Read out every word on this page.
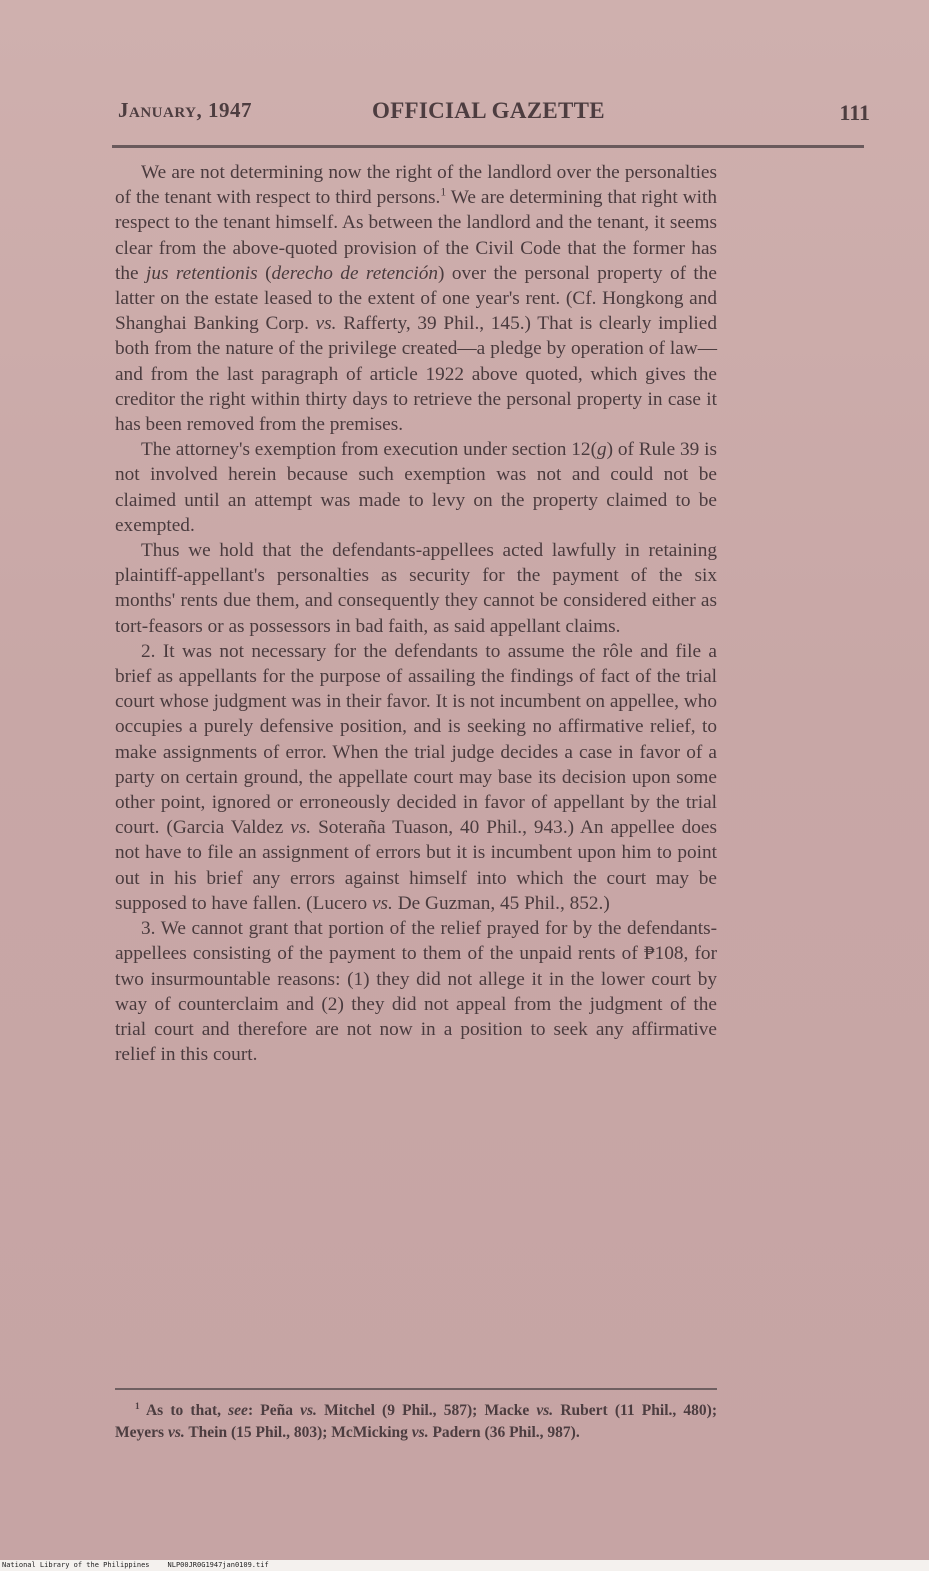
January, 1947	OFFICIAL GAZETTE	111

We are not determining now the right of the landlord over the personalties of the tenant with respect to third persons.$^1$ We are determining that right with respect to the tenant himself. As between the landlord and the tenant, it seems clear from the above-quoted provision of the Civil Code that the former has the jus retentionis (derecho de retención) over the personal property of the latter on the estate leased to the extent of one year's rent. (Cf. Hongkong and Shanghai Banking Corp. vs. Rafferty, 39 Phil., 145.) That is clearly implied both from the nature of the privilege created—a pledge by operation of law—and from the last paragraph of article 1922 above quoted, which gives the creditor the right within thirty days to retrieve the personal property in case it has been removed from the premises.

The attorney's exemption from execution under section 12(g) of Rule 39 is not involved herein because such exemption was not and could not be claimed until an attempt was made to levy on the property claimed to be exempted.

Thus we hold that the defendants-appellees acted lawfully in retaining plaintiff-appellant's personalties as security for the payment of the six months' rents due them, and consequently they cannot be considered either as tort-feasors or as possessors in bad faith, as said appellant claims.

2. It was not necessary for the defendants to assume the rôle and file a brief as appellants for the purpose of assailing the findings of fact of the trial court whose judgment was in their favor. It is not incumbent on appellee, who occupies a purely defensive position, and is seeking no affirmative relief, to make assignments of error. When the trial judge decides a case in favor of a party on certain ground, the appellate court may base its decision upon some other point, ignored or erroneously decided in favor of appellant by the trial court. (Garcia Valdez vs. Soteraña Tuason, 40 Phil., 943.) An appellee does not have to file an assignment of errors but it is incumbent upon him to point out in his brief any errors against himself into which the court may be supposed to have fallen. (Lucero vs. De Guzman, 45 Phil., 852.)

3. We cannot grant that portion of the relief prayed for by the defendants-appellees consisting of the payment to them of the unpaid rents of ₱108, for two insurmountable reasons: (1) they did not allege it in the lower court by way of counterclaim and (2) they did not appeal from the judgment of the trial court and therefore are not now in a position to seek any affirmative relief in this court.

$^1$ As to that, see: Peña vs. Mitchel (9 Phil., 587); Macke vs. Rubert (11 Phil., 480); Meyers vs. Thein (15 Phil., 803); McMicking vs. Padern (36 Phil., 987).

National Library of the Philippines	NLP00JR0G1947jan0109.tif
